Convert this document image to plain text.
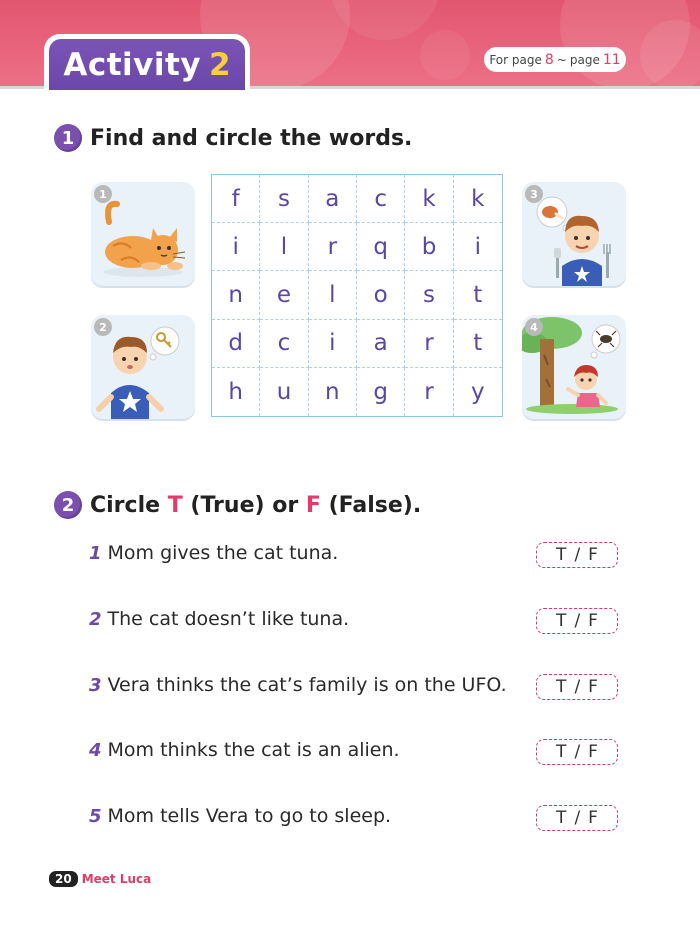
Activity 2	For page 8 ~ page 11
1 Find and circle the words.
1
2
f	s	a	c	k	k
i	l	r	q	b	i
n	e	l	o	s	t
d	c	i	a	r	t
h	u	n	g	r	y
3
4
2 Circle T (True) or F (False).
1 Mom gives the cat tuna.	T / F
2 The cat doesn’t like tuna.	T / F
3 Vera thinks the cat’s family is on the UFO.	T / F
4 Mom thinks the cat is an alien.	T / F
5 Mom tells Vera to go to sleep.	T / F
20 Meet Luca
